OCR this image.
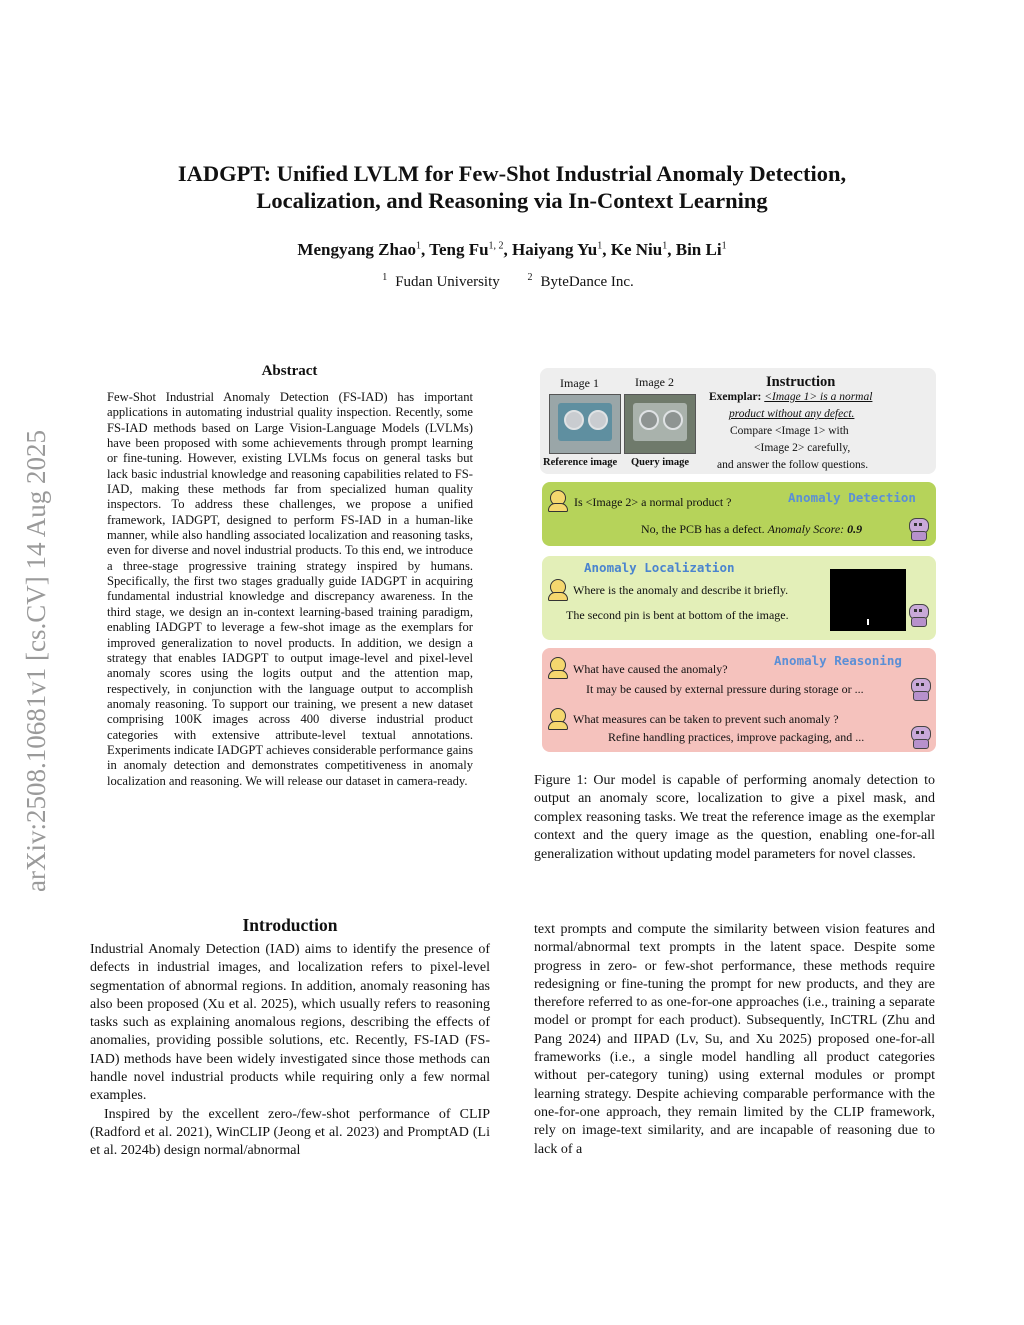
IADGPT: Unified LVLM for Few-Shot Industrial Anomaly Detection,
Localization, and Reasoning via In-Context Learning
Mengyang Zhao$^1$, Teng Fu$^{1, 2}$, Haiyang Yu$^1$, Ke Niu$^1$, Bin Li$^1$
$^1$ Fudan University	$^2$ ByteDance Inc.
arXiv:2508.10681v1 [cs.CV] 14 Aug 2025
Abstract
Few-Shot Industrial Anomaly Detection (FS-IAD) has important applications in automating industrial quality inspection. Recently, some FS-IAD methods based on Large Vision-Language Models (LVLMs) have been proposed with some achievements through prompt learning or fine-tuning. However, existing LVLMs focus on general tasks but lack basic industrial knowledge and reasoning capabilities related to FS-IAD, making these methods far from specialized human quality inspectors. To address these challenges, we propose a unified framework, IADGPT, designed to perform FS-IAD in a human-like manner, while also handling associated localization and reasoning tasks, even for diverse and novel industrial products. To this end, we introduce a three-stage progressive training strategy inspired by humans. Specifically, the first two stages gradually guide IADGPT in acquiring fundamental industrial knowledge and discrepancy awareness. In the third stage, we design an in-context learning-based training paradigm, enabling IADGPT to leverage a few-shot image as the exemplars for improved generalization to novel products. In addition, we design a strategy that enables IADGPT to output image-level and pixel-level anomaly scores using the logits output and the attention map, respectively, in conjunction with the language output to accomplish anomaly reasoning. To support our training, we present a new dataset comprising 100K images across 400 diverse industrial product categories with extensive attribute-level textual annotations. Experiments indicate IADGPT achieves considerable performance gains in anomaly detection and demonstrates competitiveness in anomaly localization and reasoning. We will release our dataset in camera-ready.
Image 1	Image 2
Reference image Query image
Instruction
Exemplar: <Image 1> is a normal
product without any defect.
Compare <Image 1> with
<Image 2> carefully,
and answer the follow questions.
Is <Image 2> a normal product ?	Anomaly Detection
No, the PCB has a defect. Anomaly Score: 0.9
Anomaly Localization
Where is the anomaly and describe it briefly.
The second pin is bent at bottom of the image.
Anomaly Reasoning
What have caused the anomaly?
It may be caused by external pressure during storage or ...
What measures can be taken to prevent such anomaly ?
Refine handling practices, improve packaging, and ...
Figure 1: Our model is capable of performing anomaly detection to output an anomaly score, localization to give a pixel mask, and complex reasoning tasks. We treat the reference image as the exemplar context and the query image as the question, enabling one-for-all generalization without updating model parameters for novel classes.
Introduction

Industrial Anomaly Detection (IAD) aims to identify the presence of defects in industrial images, and localization refers to pixel-level segmentation of abnormal regions. In addition, anomaly reasoning has also been proposed (Xu et al. 2025), which usually refers to reasoning tasks such as explaining anomalous regions, describing the effects of anomalies, providing possible solutions, etc. Recently, FS-IAD (FS-IAD) methods have been widely investigated since those methods can handle novel industrial products while requiring only a few normal examples.

Inspired by the excellent zero-/few-shot performance of CLIP (Radford et al. 2021), WinCLIP (Jeong et al. 2023) and PromptAD (Li et al. 2024b) design normal/abnormal

text prompts and compute the similarity between vision features and normal/abnormal text prompts in the latent space. Despite some progress in zero- or few-shot performance, these methods require redesigning or fine-tuning the prompt for new products, and they are therefore referred to as one-for-one approaches (i.e., training a separate model or prompt for each product). Subsequently, InCTRL (Zhu and Pang 2024) and IIPAD (Lv, Su, and Xu 2025) proposed one-for-all frameworks (i.e., a single model handling all product categories without per-category tuning) using external modules or prompt learning strategy. Despite achieving comparable performance with the one-for-one approach, they remain limited by the CLIP framework, rely on image-text similarity, and are incapable of reasoning due to lack of a
